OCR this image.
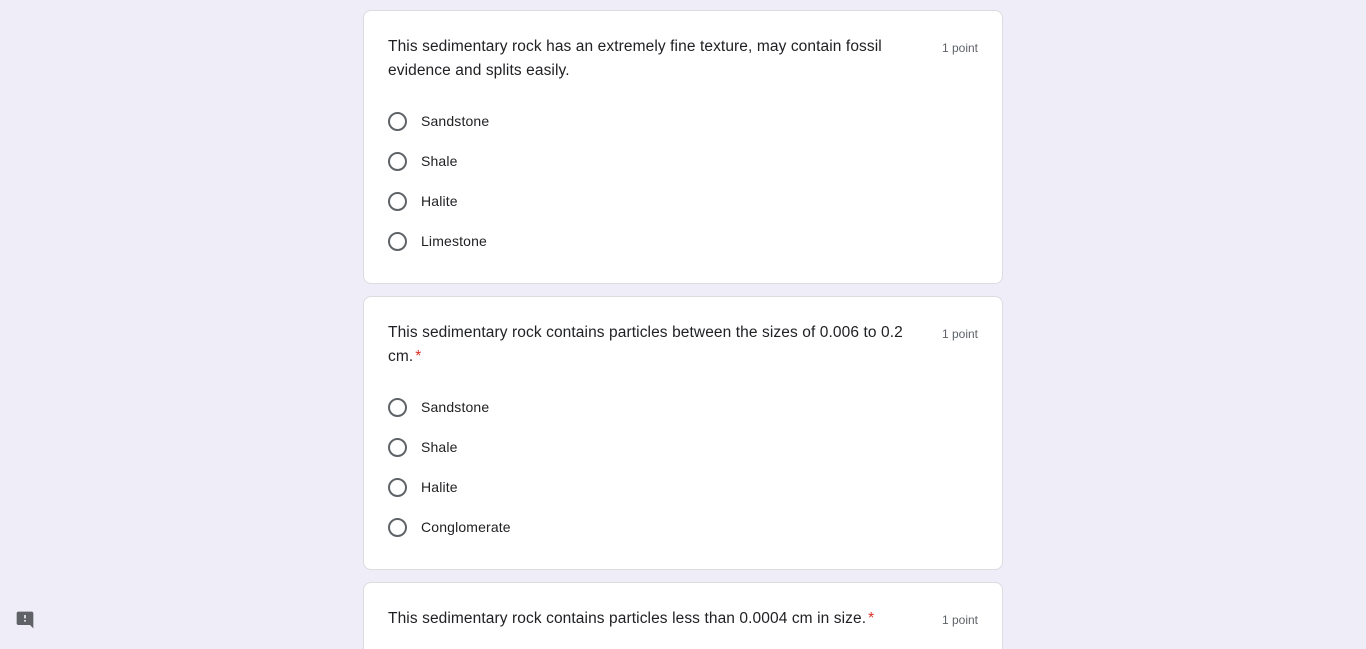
This sedimentary rock has an extremely fine texture, may contain fossil evidence and splits easily.
1 point
Sandstone
Shale
Halite
Limestone
This sedimentary rock contains particles between the sizes of 0.006 to 0.2 cm. *
1 point
Sandstone
Shale
Halite
Conglomerate
This sedimentary rock contains particles less than 0.0004 cm in size. *	1 point
